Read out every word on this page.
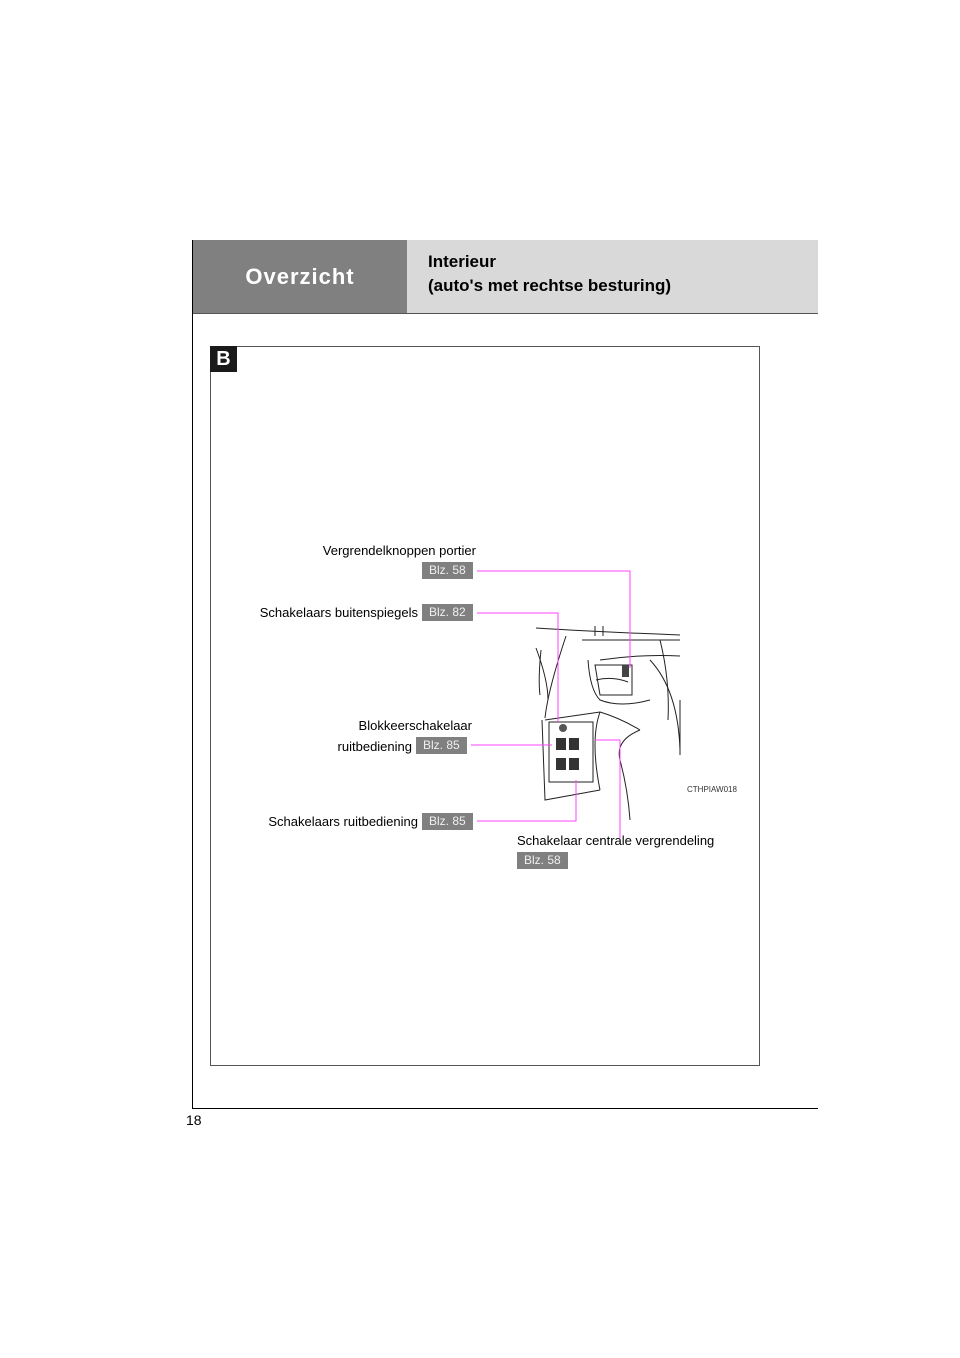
Overzicht
Interieur
(auto's met rechtse besturing)
B
CTHPIAW018
Vergrendelknoppen portier
Blz. 58
Schakelaars buitenspiegels Blz. 82
Blokkeerschakelaar
ruitbediening Blz. 85
Schakelaars ruitbediening Blz. 85
Schakelaar centrale vergrendeling
Blz. 58
18
